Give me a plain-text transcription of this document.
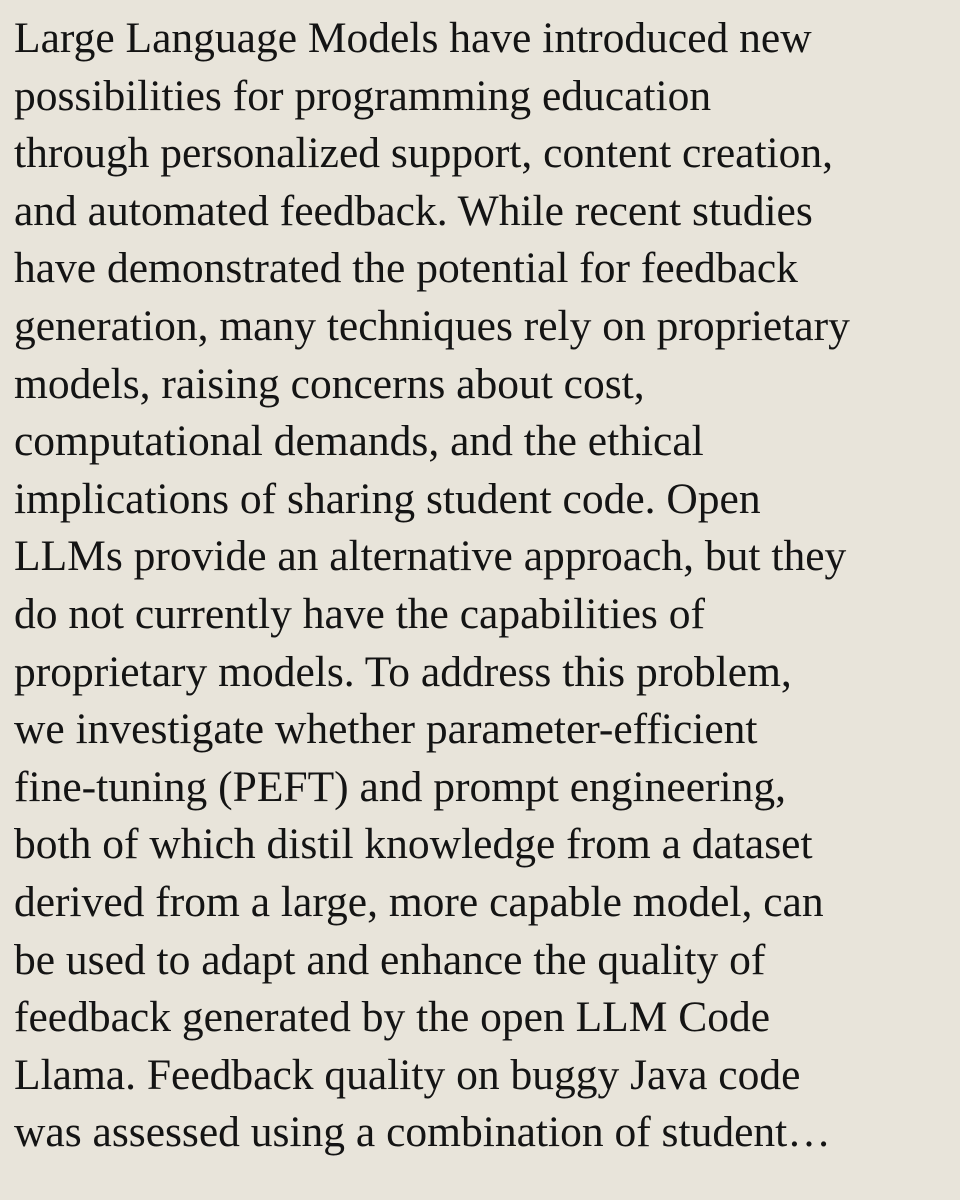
Large Language Models have introduced new
possibilities for programming education
through personalized support, content creation,
and automated feedback. While recent studies
have demonstrated the potential for feedback
generation, many techniques rely on proprietary
models, raising concerns about cost,
computational demands, and the ethical
implications of sharing student code. Open
LLMs provide an alternative approach, but they
do not currently have the capabilities of
proprietary models. To address this problem,
we investigate whether parameter-efficient
fine-tuning (PEFT) and prompt engineering,
both of which distil knowledge from a dataset
derived from a large, more capable model, can
be used to adapt and enhance the quality of
feedback generated by the open LLM Code
Llama. Feedback quality on buggy Java code
was assessed using a combination of student…
